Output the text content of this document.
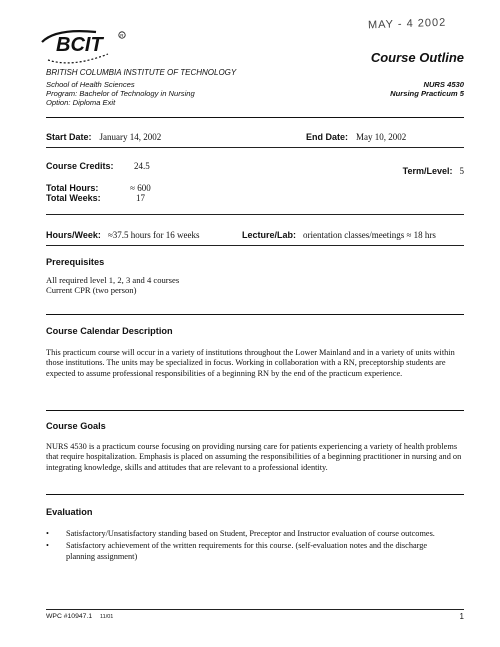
MAY - 4 2002
BCIT	R
BRITISH COLUMBIA INSTITUTE OF TECHNOLOGY
School of Health Sciences
Program: Bachelor of Technology in Nursing
Option: Diploma Exit
Course Outline
NURS 4530
Nursing Practicum 5
Start Date: January 14, 2002	End Date: May 10, 2002
Course Credits: 24.5	Term/Level: 5
Total Hours:	≈ 600
Total Weeks:	17
Hours/Week: ≈37.5 hours for 16 weeks	Lecture/Lab: orientation classes/meetings ≈ 18 hrs
Prerequisites
All required level 1, 2, 3 and 4 courses
Current CPR (two person)
Course Calendar Description
This practicum course will occur in a variety of institutions throughout the Lower Mainland and in a variety of units within those institutions. The units may be specialized in focus. Working in collaboration with a RN, preceptorship students are expected to assume professional responsibilities of a beginning RN by the end of the practicum experience.
Course Goals
NURS 4530 is a practicum course focusing on providing nursing care for patients experiencing a variety of health problems that require hospitalization. Emphasis is placed on assuming the responsibilities of a beginning practitioner in nursing and on integrating knowledge, skills and attitudes that are relevant to a professional identity.
Evaluation
• Satisfactory/Unsatisfactory standing based on Student, Preceptor and Instructor evaluation of course outcomes.
• Satisfactory achievement of the written requirements for this course. (self-evaluation notes and the discharge planning assignment)
WPC #10947.1 11/01	1
